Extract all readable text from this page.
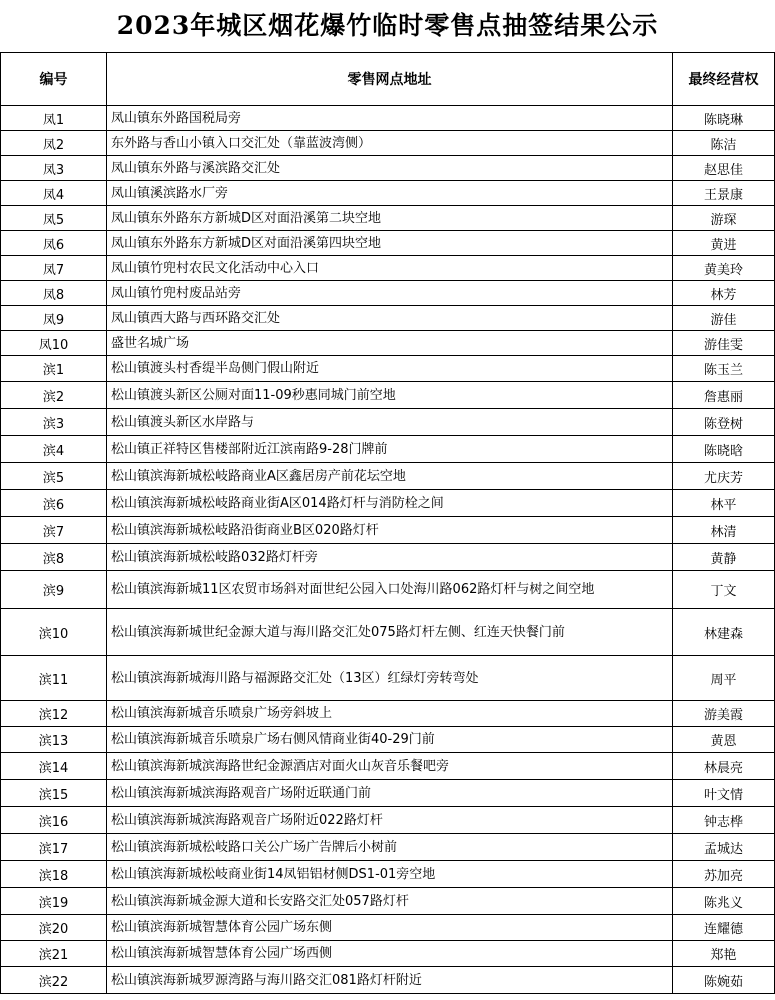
2023年城区烟花爆竹临时零售点抽签结果公示
编号	零售网点地址	最终经营权
凤1	凤山镇东外路国税局旁	陈晓琳
凤2	东外路与香山小镇入口交汇处（靠蓝波湾侧）	陈洁
凤3	凤山镇东外路与溪滨路交汇处	赵思佳
凤4	凤山镇溪滨路水厂旁	王景康
凤5	凤山镇东外路东方新城D区对面沿溪第二块空地	游琛
凤6	凤山镇东外路东方新城D区对面沿溪第四块空地	黄进
凤7	凤山镇竹兜村农民文化活动中心入口	黄美玲
凤8	凤山镇竹兜村废品站旁	林芳
凤9	凤山镇西大路与西环路交汇处	游佳
凤10	盛世名城广场	游佳雯
滨1	松山镇渡头村香缇半岛侧门假山附近	陈玉兰
滨2	松山镇渡头新区公厕对面11-09秒惠同城门前空地	詹惠丽
滨3	松山镇渡头新区水岸路与	陈登树
滨4	松山镇正祥特区售楼部附近江滨南路9-28门牌前	陈晓晗
滨5	松山镇滨海新城松岐路商业A区鑫居房产前花坛空地	尤庆芳
滨6	松山镇滨海新城松岐路商业街A区014路灯杆与消防栓之间	林平
滨7	松山镇滨海新城松岐路沿街商业B区020路灯杆	林清
滨8	松山镇滨海新城松岐路032路灯杆旁	黄静
滨9	松山镇滨海新城11区农贸市场斜对面世纪公园入口处海川路062路灯杆与树之间空地	丁文
滨10	松山镇滨海新城世纪金源大道与海川路交汇处075路灯杆左侧、红连天快餐门前	林建森
滨11	松山镇滨海新城海川路与福源路交汇处（13区）红绿灯旁转弯处	周平
滨12	松山镇滨海新城音乐喷泉广场旁斜坡上	游美霞
滨13	松山镇滨海新城音乐喷泉广场右侧风情商业街40-29门前	黄恩
滨14	松山镇滨海新城滨海路世纪金源酒店对面火山灰音乐餐吧旁	林晨亮
滨15	松山镇滨海新城滨海路观音广场附近联通门前	叶文情
滨16	松山镇滨海新城滨海路观音广场附近022路灯杆	钟志桦
滨17	松山镇滨海新城松岐路口关公广场广告牌后小树前	孟城达
滨18	松山镇滨海新城松岐商业街14凤铝铝材侧DS1-01旁空地	苏加亮
滨19	松山镇滨海新城金源大道和长安路交汇处057路灯杆	陈兆义
滨20	松山镇滨海新城智慧体育公园广场东侧	连耀德
滨21	松山镇滨海新城智慧体育公园广场西侧	郑艳
滨22	松山镇滨海新城罗源湾路与海川路交汇081路灯杆附近	陈婉茹
